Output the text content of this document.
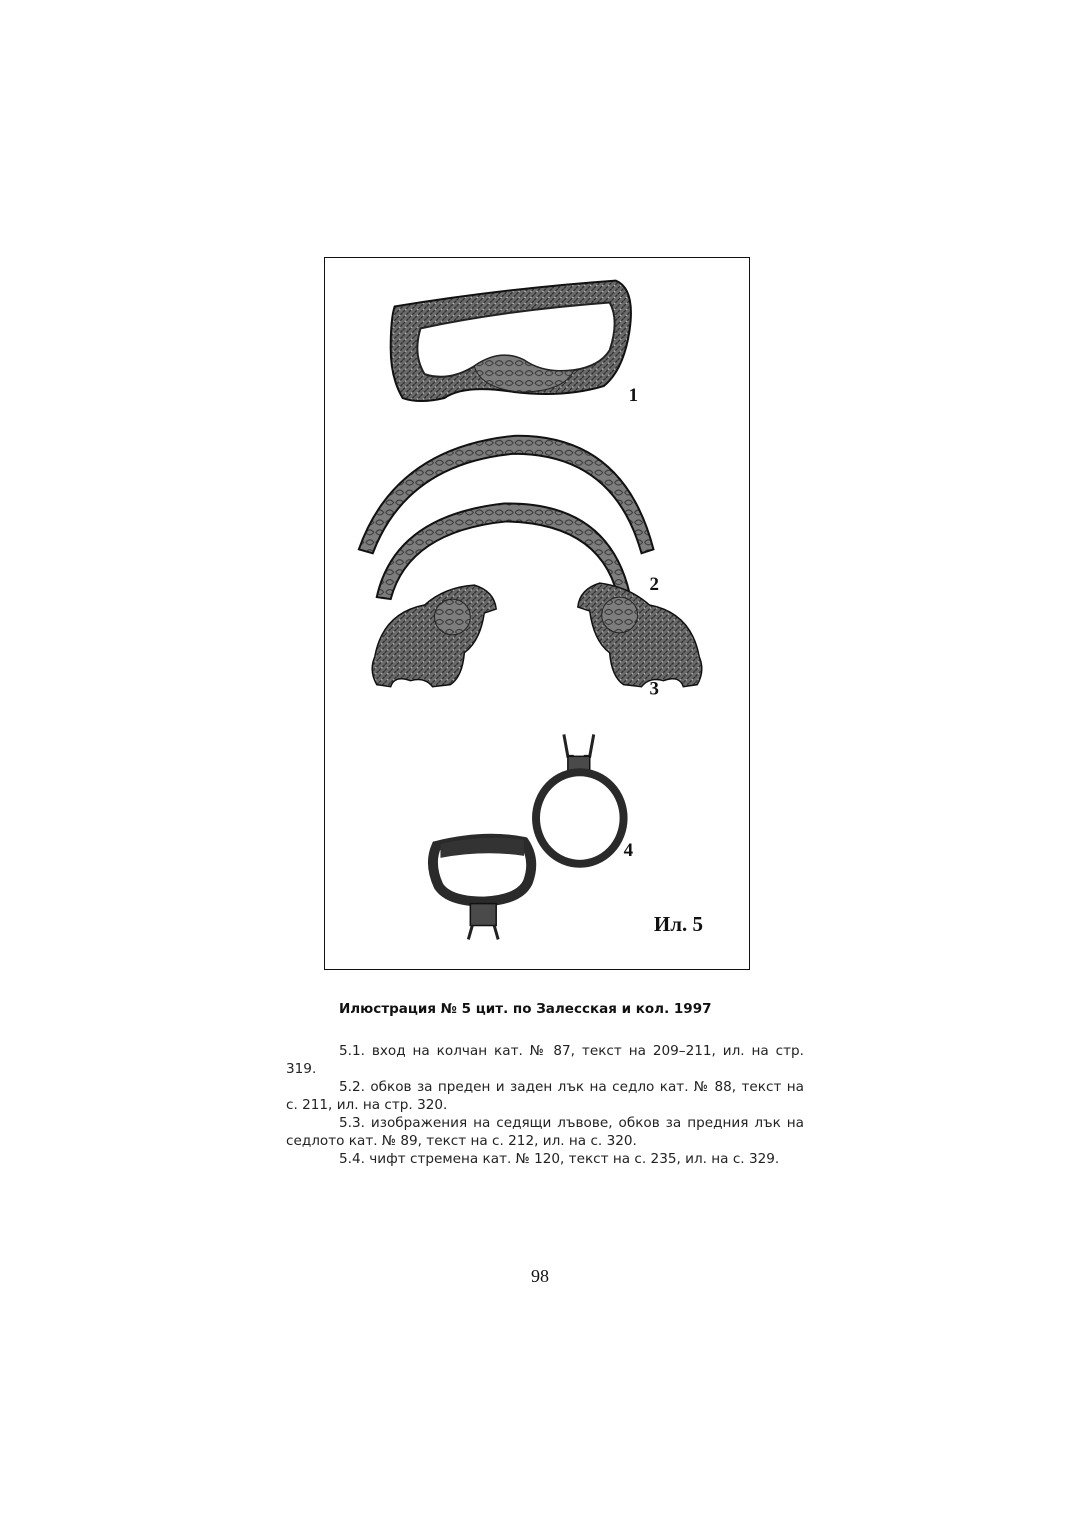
1
2
3
4
Ил. 5
Илюстрация № 5 цит. по Залесская и кол. 1997

5.1. вход на колчан кат. № 87, текст на 209–211, ил. на стр. 319.

5.2. обков за преден и заден лък на седло кат. № 88, текст на с. 211, ил. на стр. 320.

5.3. изображения на седящи лъвове, обков за предния лък на седлото кат. № 89, текст на с. 212, ил. на с. 320.

5.4. чифт стремена кат. № 120, текст на с. 235, ил. на с. 329.

98
